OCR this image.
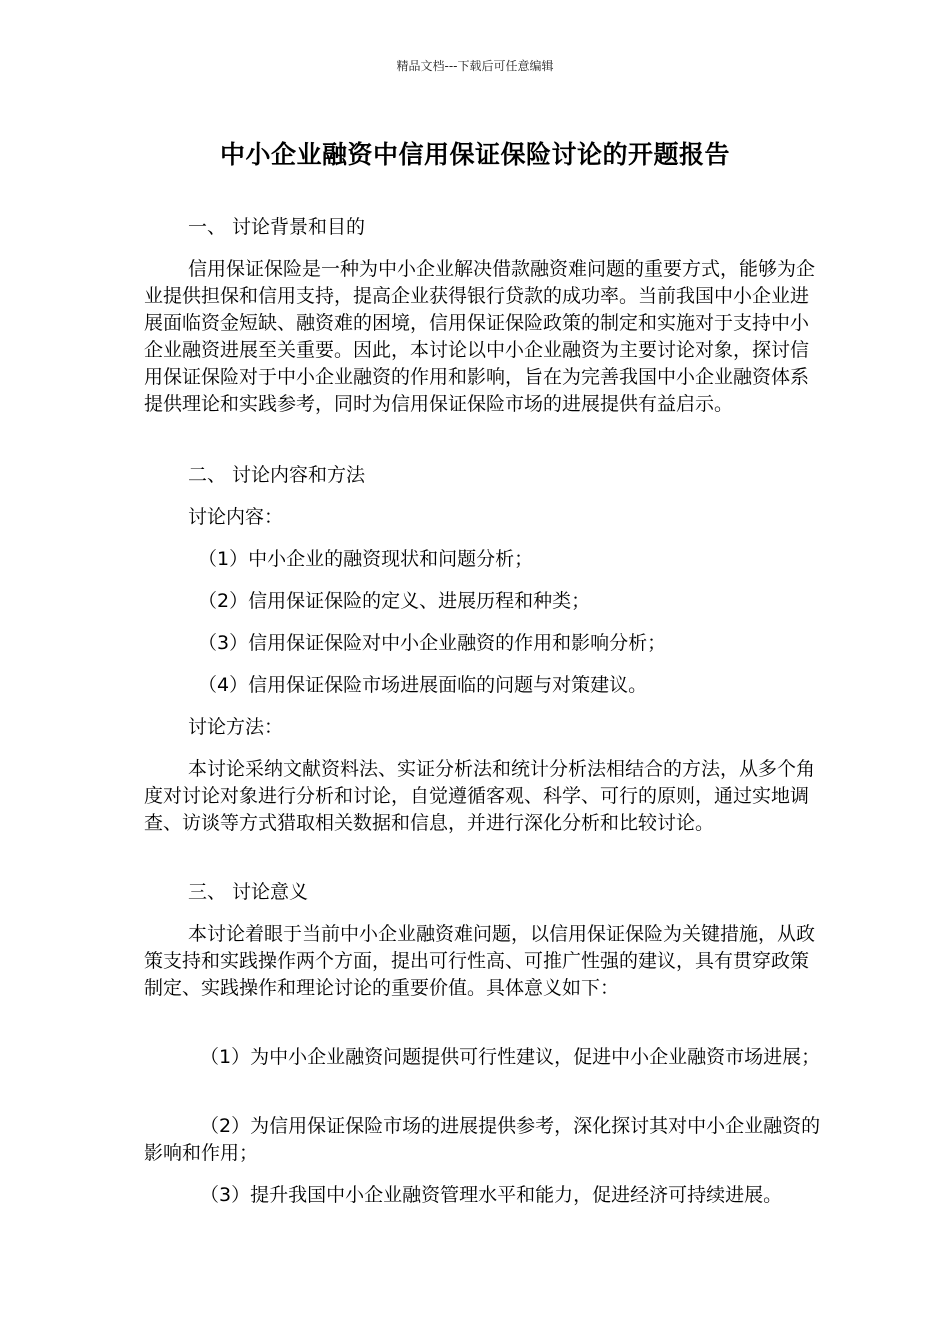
精品文档---下载后可任意编辑
中小企业融资中信用保证保险讨论的开题报告
一、 讨论背景和目的
信用保证保险是一种为中小企业解决借款融资难问题的重要方式，能够为企业提供担保和信用支持，提高企业获得银行贷款的成功率。当前我国中小企业进展面临资金短缺、融资难的困境，信用保证保险政策的制定和实施对于支持中小企业融资进展至关重要。因此，本讨论以中小企业融资为主要讨论对象，探讨信用保证保险对于中小企业融资的作用和影响，旨在为完善我国中小企业融资体系提供理论和实践参考，同时为信用保证保险市场的进展提供有益启示。
二、 讨论内容和方法
讨论内容：
（1）中小企业的融资现状和问题分析；
（2）信用保证保险的定义、进展历程和种类；
（3）信用保证保险对中小企业融资的作用和影响分析；
（4）信用保证保险市场进展面临的问题与对策建议。
讨论方法：
本讨论采纳文献资料法、实证分析法和统计分析法相结合的方法，从多个角度对讨论对象进行分析和讨论，自觉遵循客观、科学、可行的原则，通过实地调查、访谈等方式猎取相关数据和信息，并进行深化分析和比较讨论。
三、 讨论意义
本讨论着眼于当前中小企业融资难问题，以信用保证保险为关键措施，从政策支持和实践操作两个方面，提出可行性高、可推广性强的建议，具有贯穿政策制定、实践操作和理论讨论的重要价值。具体意义如下：
（1）为中小企业融资问题提供可行性建议，促进中小企业融资市场进展；
（2）为信用保证保险市场的进展提供参考，深化探讨其对中小企业融资的影响和作用；
（3）提升我国中小企业融资管理水平和能力，促进经济可持续进展。
